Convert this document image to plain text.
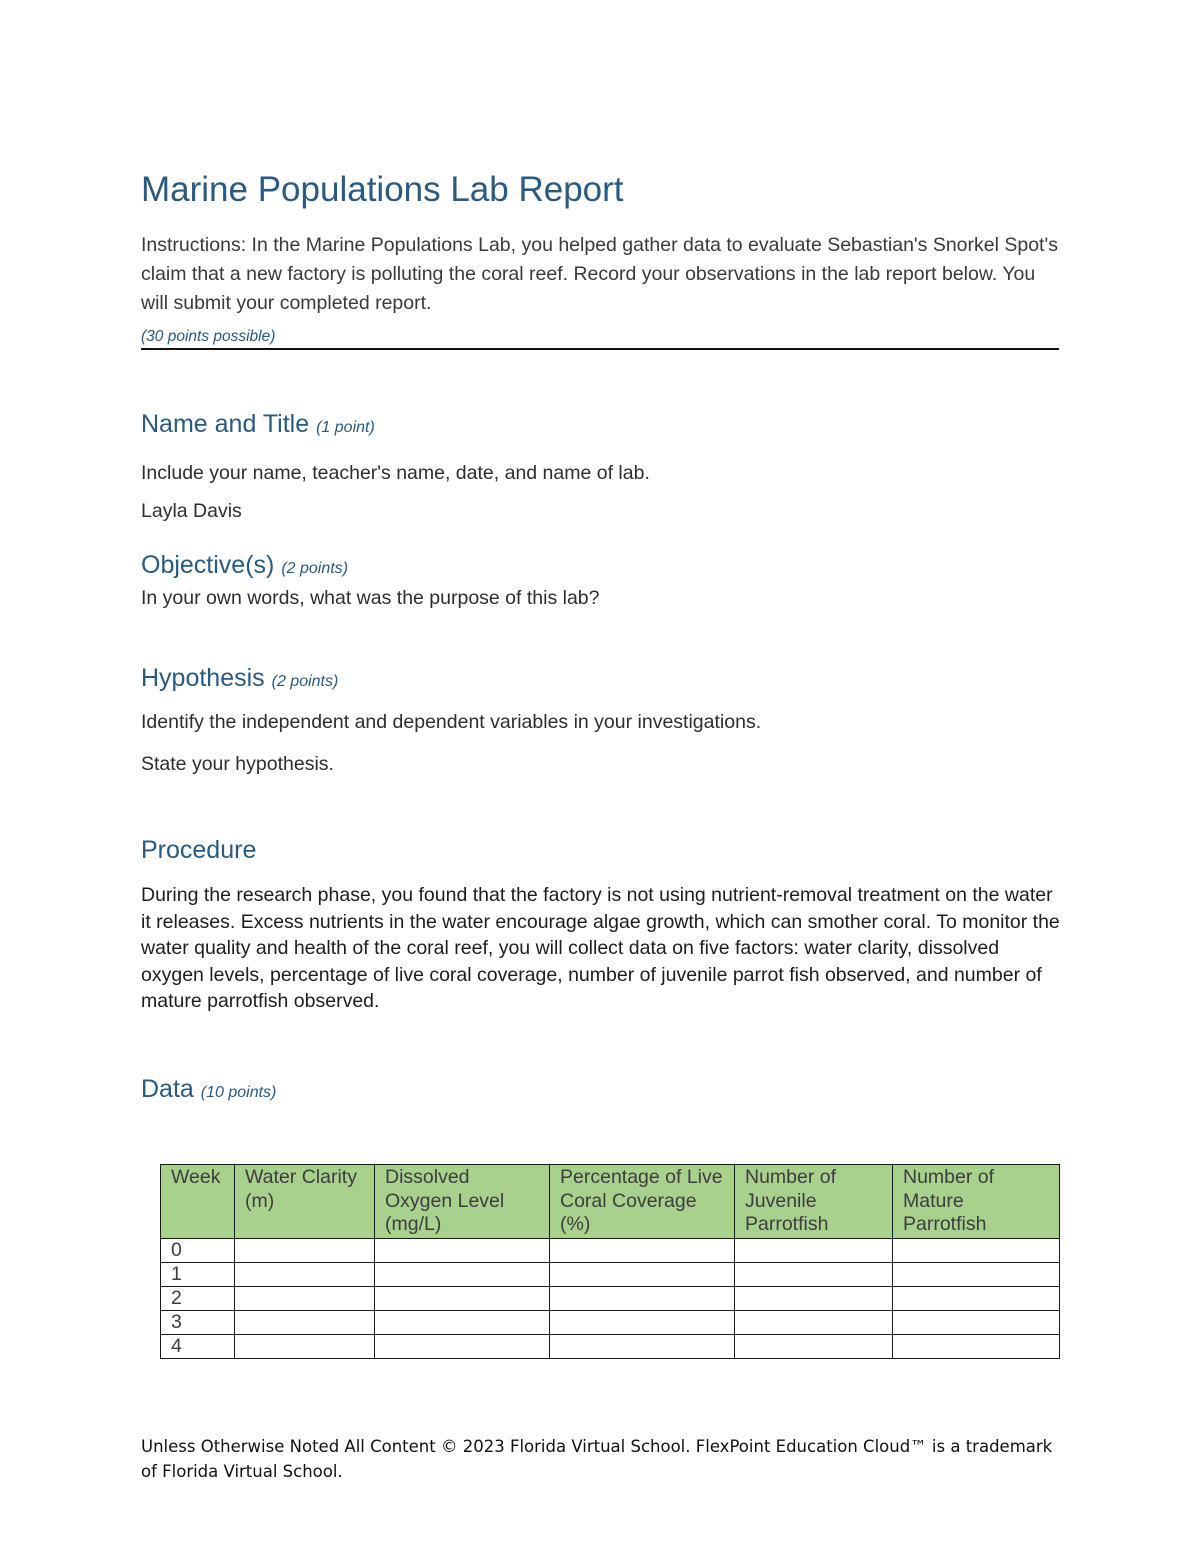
Marine Populations Lab Report
Instructions: In the Marine Populations Lab, you helped gather data to evaluate Sebastian's Snorkel Spot's claim that a new factory is polluting the coral reef. Record your observations in the lab report below. You will submit your completed report.
(30 points possible)
Name and Title (1 point)
Include your name, teacher's name, date, and name of lab.
Layla Davis
Objective(s) (2 points)
In your own words, what was the purpose of this lab?
Hypothesis (2 points)
Identify the independent and dependent variables in your investigations.
State your hypothesis.
Procedure
During the research phase, you found that the factory is not using nutrient-removal treatment on the water it releases. Excess nutrients in the water encourage algae growth, which can smother coral. To monitor the water quality and health of the coral reef, you will collect data on five factors: water clarity, dissolved oxygen levels, percentage of live coral coverage, number of juvenile parrot fish observed, and number of mature parrotfish observed.
Data (10 points)
Week	Water Clarity (m)	Dissolved Oxygen Level (mg/L)	Percentage of Live Coral Coverage (%)	Number of Juvenile Parrotfish	Number of Mature Parrotfish
0					
1					
2					
3					
4					
Unless Otherwise Noted All Content © 2023 Florida Virtual School. FlexPoint Education Cloud™ is a trademark of Florida Virtual School.
